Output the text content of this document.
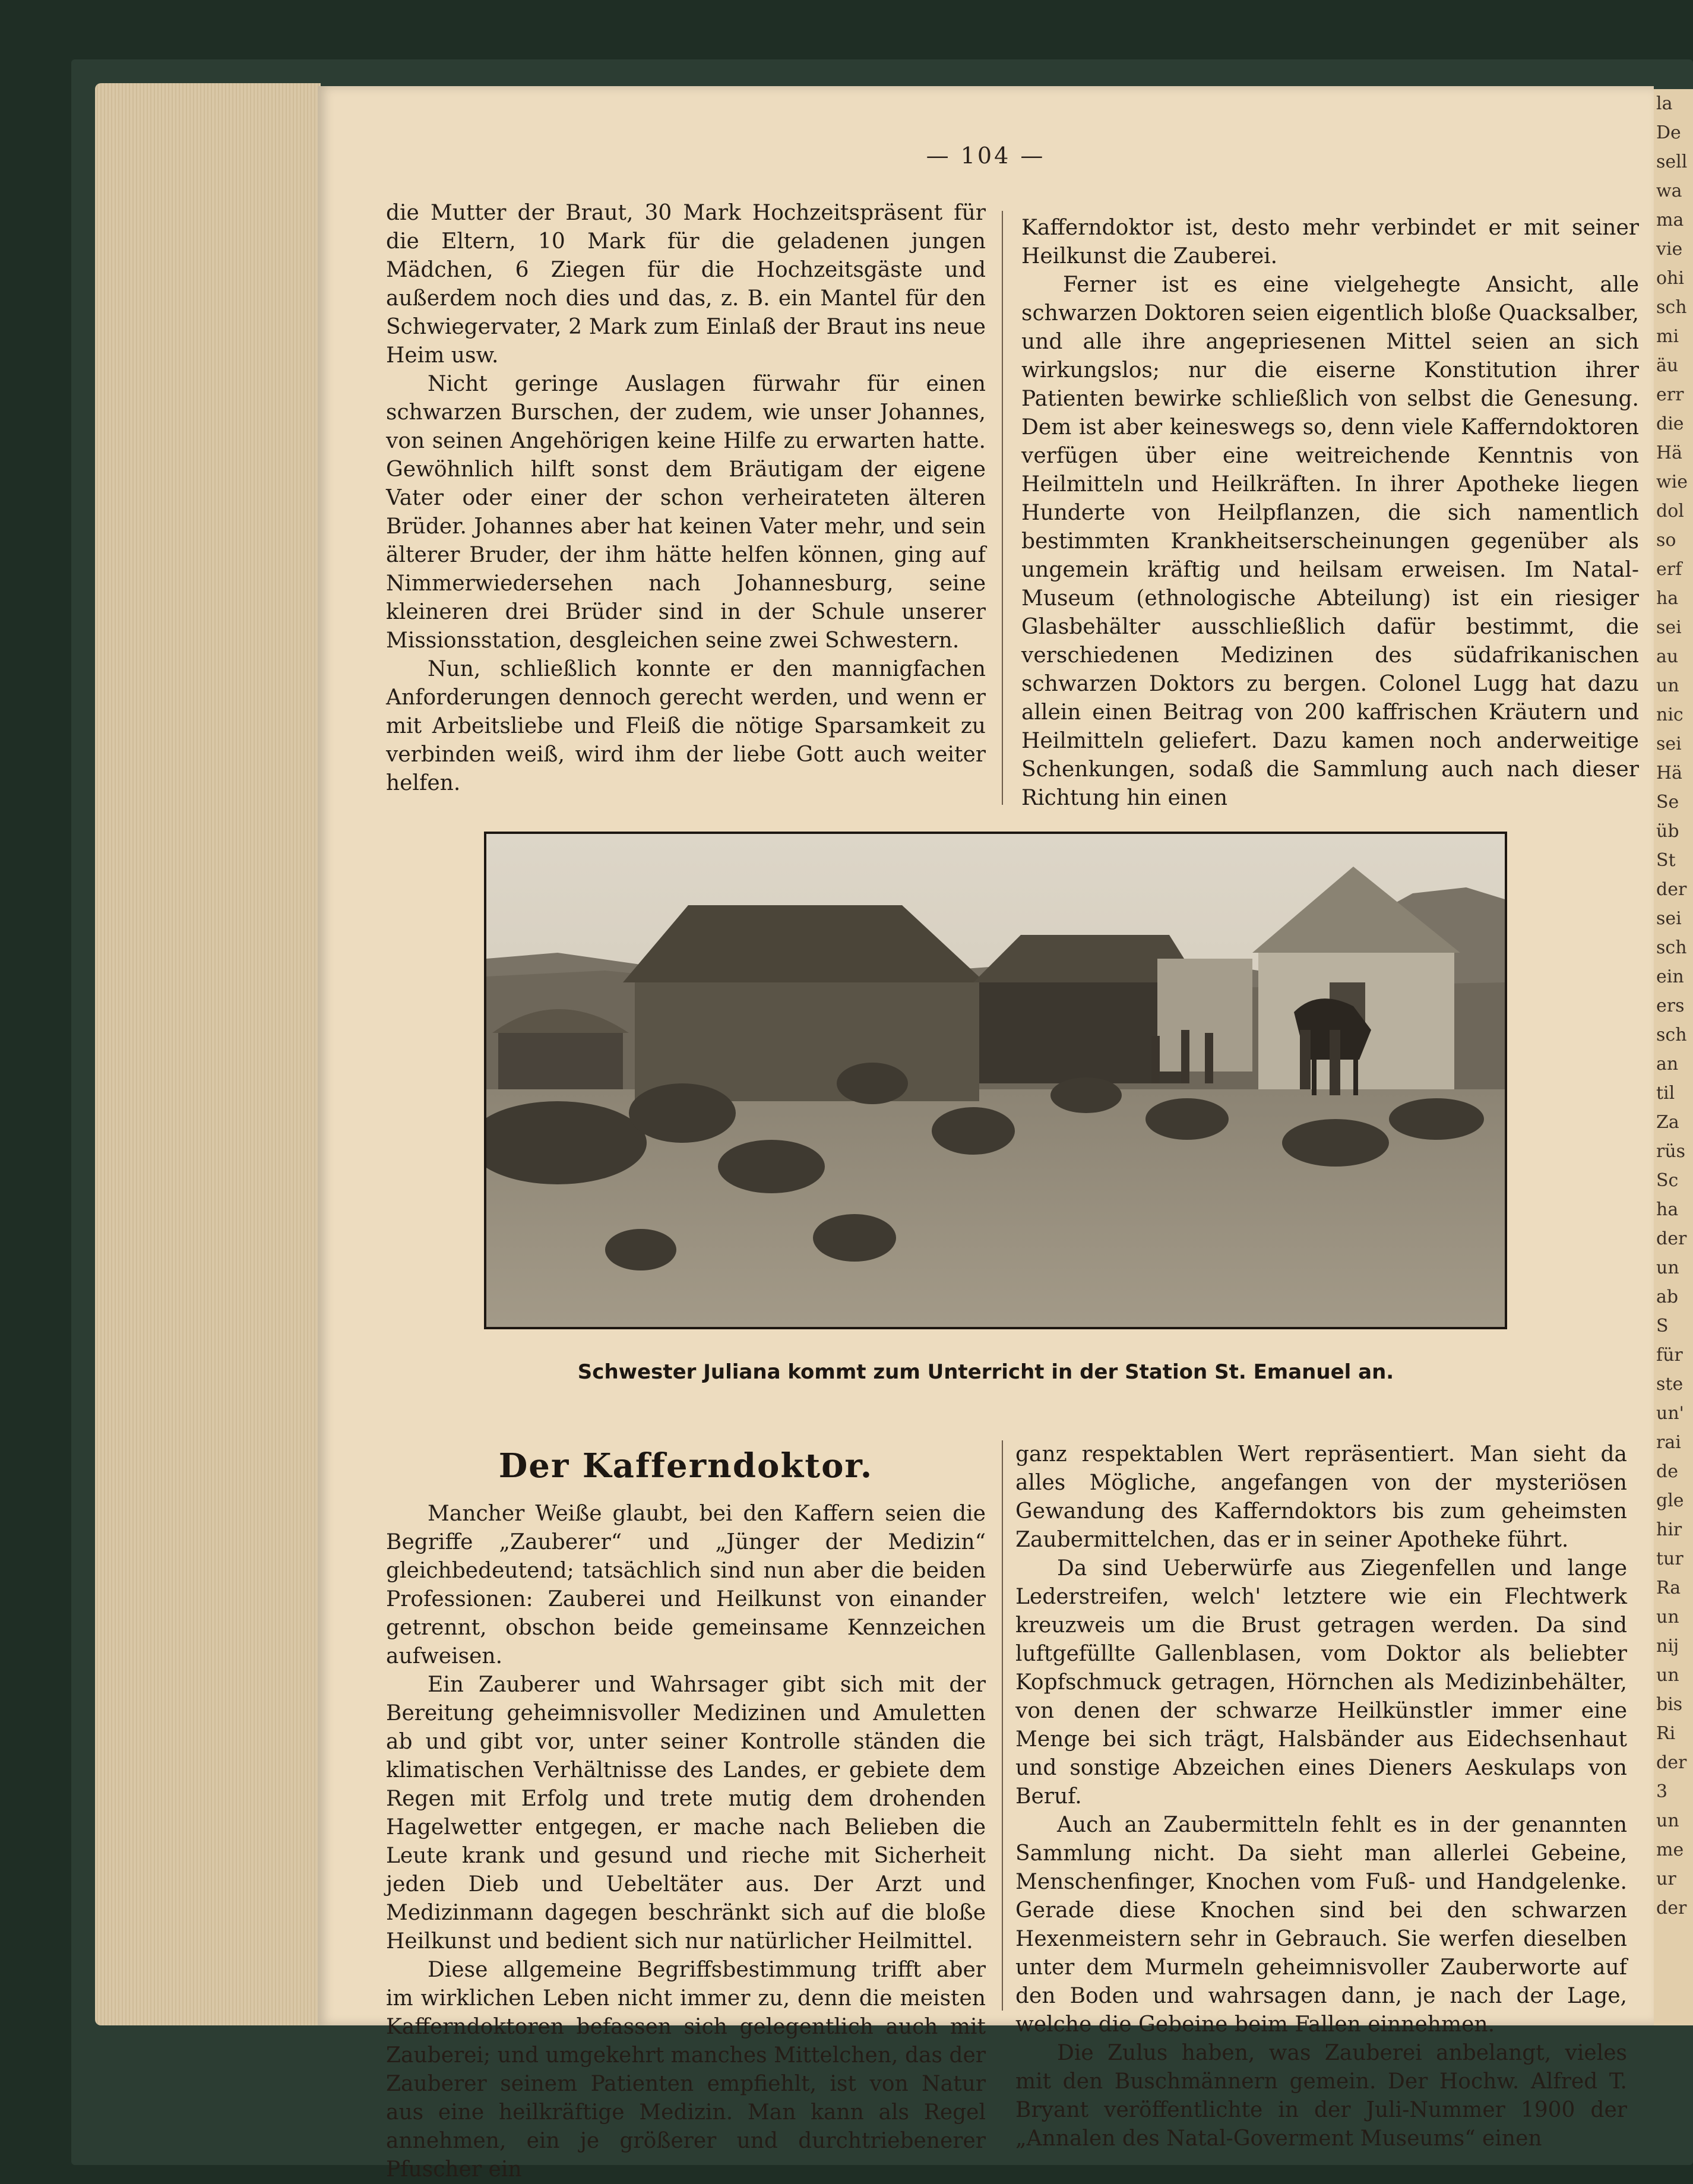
— 104 —

die Mutter der Braut, 30 Mark Hochzeitspräsent für die Eltern, 10 Mark für die geladenen jungen Mädchen, 6 Ziegen für die Hochzeitsgäste und außerdem noch dies und das, z. B. ein Mantel für den Schwiegervater, 2 Mark zum Einlaß der Braut ins neue Heim usw.

Nicht geringe Auslagen fürwahr für einen schwarzen Burschen, der zudem, wie unser Johannes, von seinen Angehörigen keine Hilfe zu erwarten hatte. Gewöhnlich hilft sonst dem Bräutigam der eigene Vater oder einer der schon verheirateten älteren Brüder. Johannes aber hat keinen Vater mehr, und sein älterer Bruder, der ihm hätte helfen können, ging auf Nimmerwiedersehen nach Johannesburg, seine kleineren drei Brüder sind in der Schule unserer Missionsstation, desgleichen seine zwei Schwestern.

Nun, schließlich konnte er den mannigfachen Anforderungen dennoch gerecht werden, und wenn er mit Arbeitsliebe und Fleiß die nötige Sparsamkeit zu verbinden weiß, wird ihm der liebe Gott auch weiter helfen.

Kafferndoktor ist, desto mehr verbindet er mit seiner Heilkunst die Zauberei.

Ferner ist es eine vielgehegte Ansicht, alle schwarzen Doktoren seien eigentlich bloße Quacksalber, und alle ihre angepriesenen Mittel seien an sich wirkungslos; nur die eiserne Konstitution ihrer Patienten bewirke schließlich von selbst die Genesung. Dem ist aber keineswegs so, denn viele Kafferndoktoren verfügen über eine weitreichende Kenntnis von Heilmitteln und Heilkräften. In ihrer Apotheke liegen Hunderte von Heilpflanzen, die sich namentlich bestimmten Krankheitserscheinungen gegenüber als ungemein kräftig und heilsam erweisen. Im Natal-Museum (ethnologische Abteilung) ist ein riesiger Glasbehälter ausschließlich dafür bestimmt, die verschiedenen Medizinen des südafrikanischen schwarzen Doktors zu bergen. Colonel Lugg hat dazu allein einen Beitrag von 200 kaffrischen Kräutern und Heilmitteln geliefert. Dazu kamen noch anderweitige Schenkungen, sodaß die Sammlung auch nach dieser Richtung hin einen

Schwester Juliana kommt zum Unterricht in der Station St. Emanuel an.
Der Kafferndoktor.

Mancher Weiße glaubt, bei den Kaffern seien die Begriffe „Zauberer“ und „Jünger der Medizin“ gleichbedeutend; tatsächlich sind nun aber die beiden Professionen: Zauberei und Heilkunst von einander getrennt, obschon beide gemeinsame Kennzeichen aufweisen.

Ein Zauberer und Wahrsager gibt sich mit der Bereitung geheimnisvoller Medizinen und Amuletten ab und gibt vor, unter seiner Kontrolle ständen die klimatischen Verhältnisse des Landes, er gebiete dem Regen mit Erfolg und trete mutig dem drohenden Hagelwetter entgegen, er mache nach Belieben die Leute krank und gesund und rieche mit Sicherheit jeden Dieb und Uebeltäter aus. Der Arzt und Medizinmann dagegen beschränkt sich auf die bloße Heilkunst und bedient sich nur natürlicher Heilmittel.

Diese allgemeine Begriffsbestimmung trifft aber im wirklichen Leben nicht immer zu, denn die meisten Kafferndoktoren befassen sich gelegentlich auch mit Zauberei; und umgekehrt manches Mittelchen, das der Zauberer seinem Patienten empfiehlt, ist von Natur aus eine heilkräftige Medizin. Man kann als Regel annehmen, ein je größerer und durchtriebenerer Pfuscher ein

ganz respektablen Wert repräsentiert. Man sieht da alles Mögliche, angefangen von der mysteriösen Gewandung des Kafferndoktors bis zum geheimsten Zaubermittelchen, das er in seiner Apotheke führt.

Da sind Ueberwürfe aus Ziegenfellen und lange Lederstreifen, welch' letztere wie ein Flechtwerk kreuzweis um die Brust getragen werden. Da sind luftgefüllte Gallenblasen, vom Doktor als beliebter Kopfschmuck getragen, Hörnchen als Medizinbehälter, von denen der schwarze Heilkünstler immer eine Menge bei sich trägt, Halsbänder aus Eidechsenhaut und sonstige Abzeichen eines Dieners Aeskulaps von Beruf.

Auch an Zaubermitteln fehlt es in der genannten Sammlung nicht. Da sieht man allerlei Gebeine, Menschenfinger, Knochen vom Fuß- und Handgelenke. Gerade diese Knochen sind bei den schwarzen Hexenmeistern sehr in Gebrauch. Sie werfen dieselben unter dem Murmeln geheimnisvoller Zauberworte auf den Boden und wahrsagen dann, je nach der Lage, welche die Gebeine beim Fallen einnehmen.

Die Zulus haben, was Zauberei anbelangt, vieles mit den Buschmännern gemein. Der Hochw. Alfred T. Bryant veröffentlichte in der Juli-Nummer 1900 der „Annalen des Natal-Goverment Museums“ einen

la
De
sell
wa
ma
vie
ohi
sch
mi
äu
err
die
Hä
wie
dol
so
erf
ha
sei
au
un
nic
sei
Hä
Se
üb
St
der
sei
sch
ein
ers
sch
an
til
Za
rüs
Sc
ha
der
un
ab
S
für
ste
un'
rai
de
gle
hir
tur
Ra
un
nij
un
bis
Ri
der
3
un
me
ur
der
